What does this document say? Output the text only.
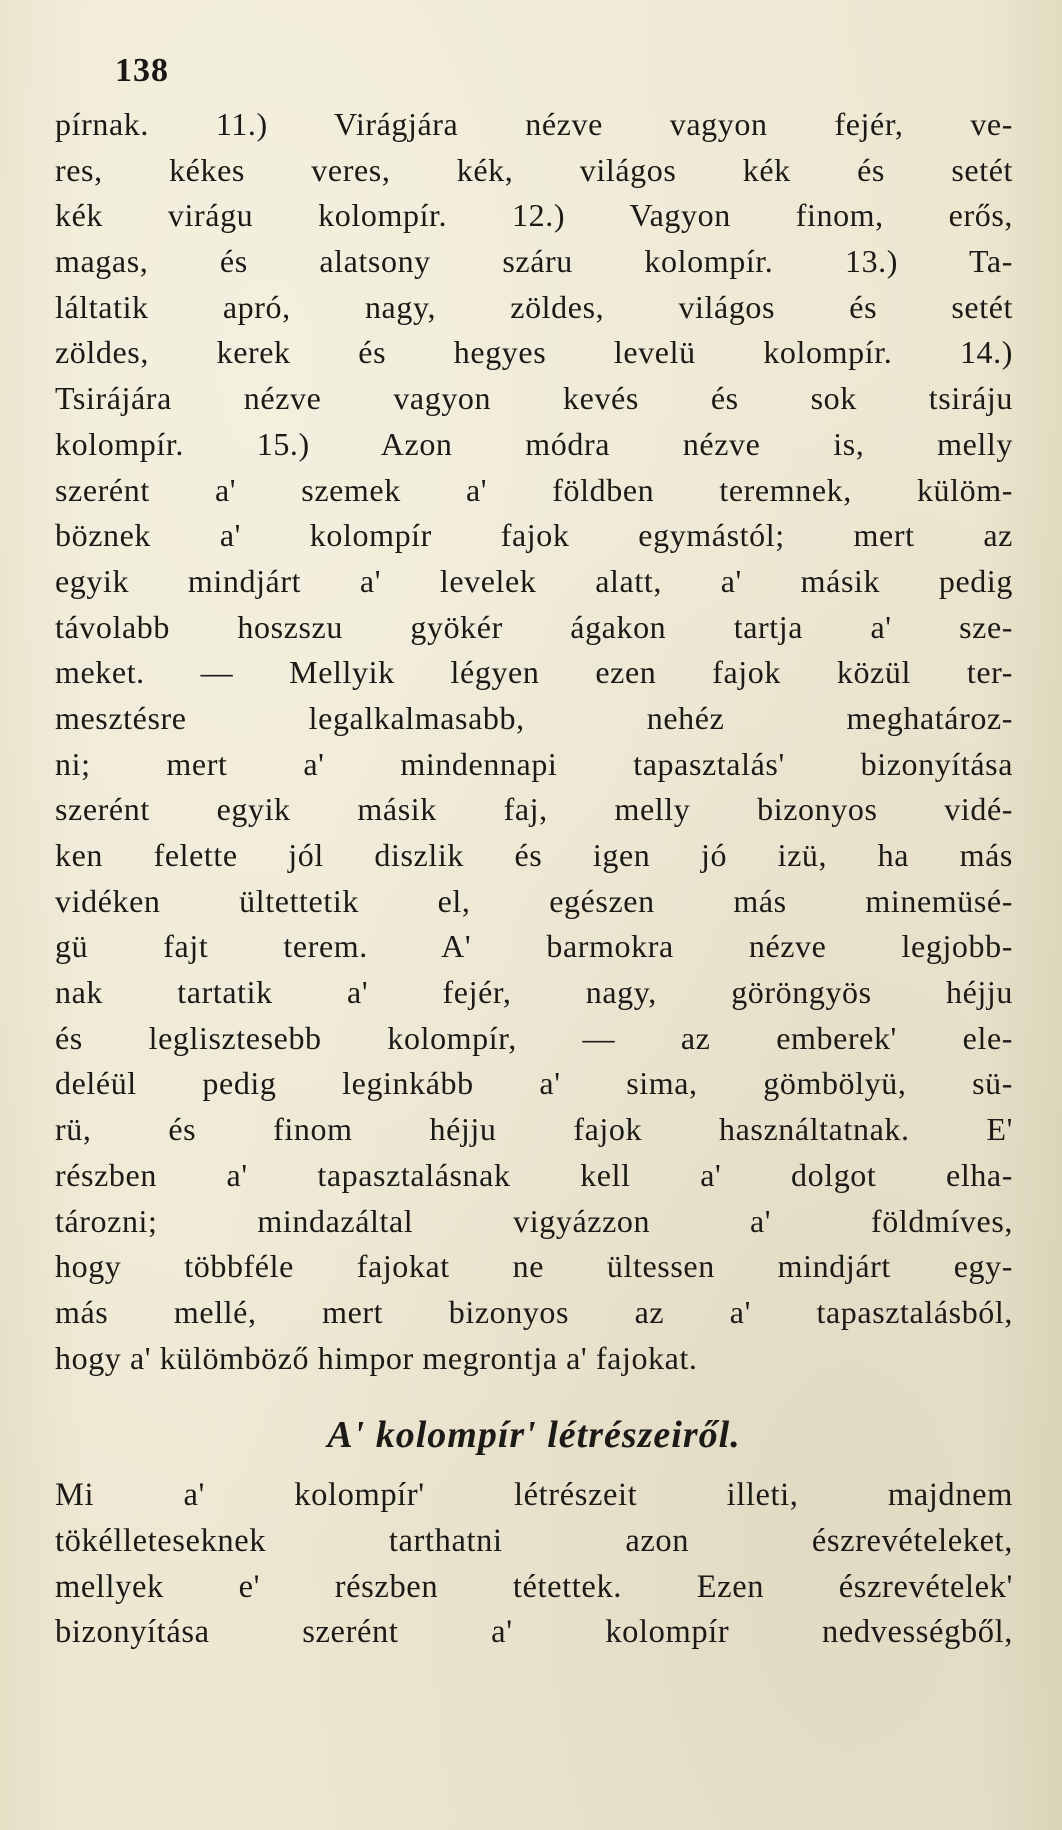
138
pírnak. 11.) Virágjára nézve vagyon fejér, ve-
res, kékes veres, kék, világos kék és setét
kék virágu kolompír. 12.) Vagyon finom, erős,
magas, és alatsony száru kolompír. 13.) Ta-
láltatik apró, nagy, zöldes, világos és setét
zöldes, kerek és hegyes levelü kolompír. 14.)
Tsirájára nézve vagyon kevés és sok tsiráju
kolompír. 15.) Azon módra nézve is, melly
szerént a' szemek a' földben teremnek, külöm-
böznek a' kolompír fajok egymástól; mert az
egyik mindjárt a' levelek alatt, a' másik pedig
távolabb hoszszu gyökér ágakon tartja a' sze-
meket. — Mellyik légyen ezen fajok közül ter-
mesztésre legalkalmasabb, nehéz meghatároz-
ni; mert a' mindennapi tapasztalás' bizonyítása
szerént egyik másik faj, melly bizonyos vidé-
ken felette jól diszlik és igen jó izü, ha más
vidéken ültettetik el, egészen más minemüsé-
gü fajt terem. A' barmokra nézve legjobb-
nak tartatik a' fejér, nagy, göröngyös héjju
és leglisztesebb kolompír, — az emberek' ele-
deléül pedig leginkább a' sima, gömbölyü, sü-
rü, és finom héjju fajok használtatnak. E'
részben a' tapasztalásnak kell a' dolgot elha-
tározni; mindazáltal vigyázzon a' földmíves,
hogy többféle fajokat ne ültessen mindjárt egy-
más mellé, mert bizonyos az a' tapasztalásból,
hogy a' külömböző himpor megrontja a' fajokat.
A' kolompír' létrészeiről.
Mi a' kolompír' létrészeit illeti, majdnem
tökélleteseknek tarthatni azon észrevételeket,
mellyek e' részben tétettek. Ezen észrevételek'
bizonyítása szerént a' kolompír nedvességből,
